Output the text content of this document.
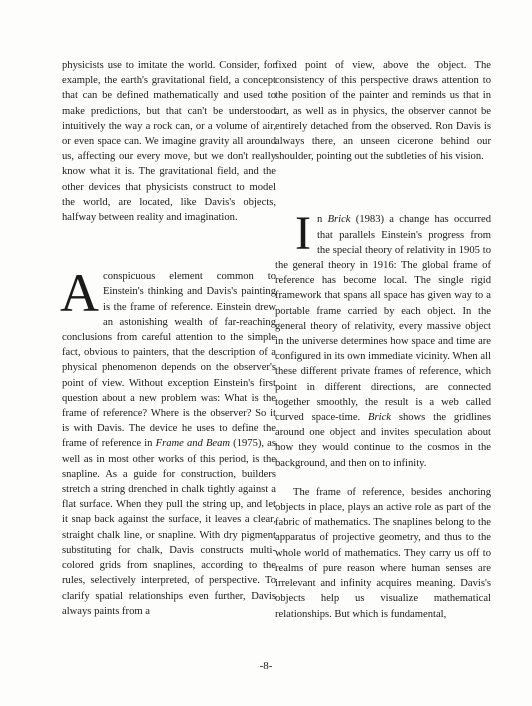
physicists use to imitate the world. Consider, for example, the earth's gravitational field, a concept that can be defined mathematically and used to make predictions, but that can't be understood intuitively the way a rock can, or a volume of air, or even space can. We imagine gravity all around us, affecting our every move, but we don't really know what it is. The gravitational field, and the other devices that physicists construct to model the world, are located, like Davis's objects, halfway between reality and imagination.

A conspicuous element common to Einstein's thinking and Davis's painting is the frame of reference. Einstein drew an astonishing wealth of far-reaching conclusions from careful attention to the simple fact, obvious to painters, that the description of a physical phenomenon depends on the observer's point of view. Without exception Einstein's first question about a new problem was: What is the frame of reference? Where is the observer? So it is with Davis. The device he uses to define the frame of reference in Frame and Beam (1975), as well as in most other works of this period, is the snapline. As a guide for construction, builders stretch a string drenched in chalk tightly against a flat surface. When they pull the string up, and let it snap back against the surface, it leaves a clear, straight chalk line, or snapline. With dry pigment substituting for chalk, Davis constructs multi-colored grids from snaplines, according to the rules, selectively interpreted, of perspective. To clarify spatial relationships even further, Davis always paints from a

fixed point of view, above the object. The consistency of this perspective draws attention to the position of the painter and reminds us that in art, as well as in physics, the observer cannot be entirely detached from the observed. Ron Davis is always there, an unseen cicerone behind our shoulder, pointing out the subtleties of his vision.

In Brick (1983) a change has occurred that parallels Einstein's progress from the special theory of relativity in 1905 to the general theory in 1916: The global frame of reference has become local. The single rigid framework that spans all space has given way to a portable frame carried by each object. In the general theory of relativity, every massive object in the universe determines how space and time are configured in its own immediate vicinity. When all these different private frames of reference, which point in different directions, are connected together smoothly, the result is a web called curved space-time. Brick shows the gridlines around one object and invites speculation about how they would continue to the cosmos in the background, and then on to infinity.

The frame of reference, besides anchoring objects in place, plays an active role as part of the fabric of mathematics. The snaplines belong to the apparatus of projective geometry, and thus to the whole world of mathematics. They carry us off to realms of pure reason where human senses are irrelevant and infinity acquires meaning. Davis's objects help us visualize mathematical relationships. But which is fundamental,

-8-
